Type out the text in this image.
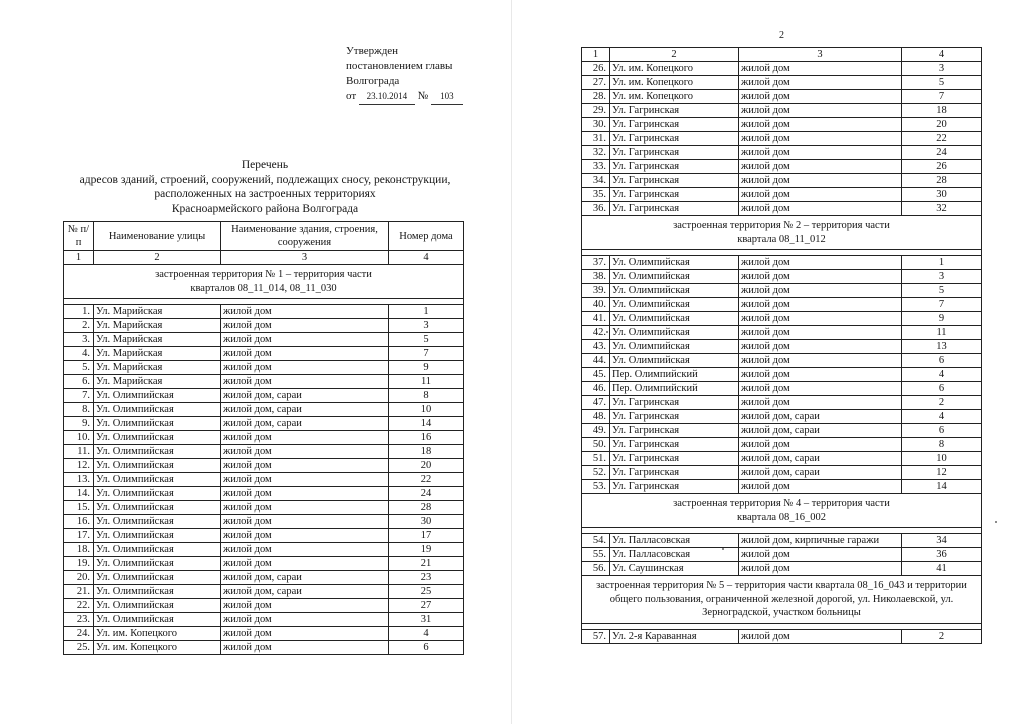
Утвержден
постановлением главы
Волгограда
от 23.10.2014 № 103
Перечень
адресов зданий, строений, сооружений, подлежащих сносу, реконструкции,
расположенных на застроенных территориях
Красноармейского района Волгограда
№ п/п	Наименование улицы	Наименование здания, строения, сооружения	Номер дома
1	2	3	4
застроенная территория № 1 – территория части кварталов 08_11_014, 08_11_030			

1.	Ул. Марийская	жилой дом	1
2.	Ул. Марийская	жилой дом	3
3.	Ул. Марийская	жилой дом	5
4.	Ул. Марийская	жилой дом	7
5.	Ул. Марийская	жилой дом	9
6.	Ул. Марийская	жилой дом	11
7.	Ул. Олимпийская	жилой дом, сараи	8
8.	Ул. Олимпийская	жилой дом, сараи	10
9.	Ул. Олимпийская	жилой дом, сараи	14
10.	Ул. Олимпийская	жилой дом	16
11.	Ул. Олимпийская	жилой дом	18
12.	Ул. Олимпийская	жилой дом	20
13.	Ул. Олимпийская	жилой дом	22
14.	Ул. Олимпийская	жилой дом	24
15.	Ул. Олимпийская	жилой дом	28
16.	Ул. Олимпийская	жилой дом	30
17.	Ул. Олимпийская	жилой дом	17
18.	Ул. Олимпийская	жилой дом	19
19.	Ул. Олимпийская	жилой дом	21
20.	Ул. Олимпийская	жилой дом, сараи	23
21.	Ул. Олимпийская	жилой дом, сараи	25
22.	Ул. Олимпийская	жилой дом	27
23.	Ул. Олимпийская	жилой дом	31
24.	Ул. им. Копецкого	жилой дом	4
25.	Ул. им. Копецкого	жилой дом	6
2
1	2	3	4
26.	Ул. им. Копецкого	жилой дом	3
27.	Ул. им. Копецкого	жилой дом	5
28.	Ул. им. Копецкого	жилой дом	7
29.	Ул. Гагринская	жилой дом	18
30.	Ул. Гагринская	жилой дом	20
31.	Ул. Гагринская	жилой дом	22
32.	Ул. Гагринская	жилой дом	24
33.	Ул. Гагринская	жилой дом	26
34.	Ул. Гагринская	жилой дом	28
35.	Ул. Гагринская	жилой дом	30
36.	Ул. Гагринская	жилой дом	32
застроенная территория № 2 – территория части квартала 08_11_012			

37.	Ул. Олимпийская	жилой дом	1
38.	Ул. Олимпийская	жилой дом	3
39.	Ул. Олимпийская	жилой дом	5
40.	Ул. Олимпийская	жилой дом	7
41.	Ул. Олимпийская	жилой дом	9
42.	Ул. Олимпийская	жилой дом	11
43.	Ул. Олимпийская	жилой дом	13
44.	Ул. Олимпийская	жилой дом	6
45.	Пер. Олимпийский	жилой дом	4
46.	Пер. Олимпийский	жилой дом	6
47.	Ул. Гагринская	жилой дом	2
48.	Ул. Гагринская	жилой дом, сараи	4
49.	Ул. Гагринская	жилой дом, сараи	6
50.	Ул. Гагринская	жилой дом	8
51.	Ул. Гагринская	жилой дом, сараи	10
52.	Ул. Гагринская	жилой дом, сараи	12
53.	Ул. Гагринская	жилой дом	14
застроенная территория № 4 – территория части квартала 08_16_002			

54.	Ул. Палласовская	жилой дом, кирпичные гаражи	34
55.	Ул. Палласовская	жилой дом	36
56.	Ул. Саушинская	жилой дом	41
застроенная территория № 5 – территория части квартала 08_16_043 и территории общего пользования, ограниченной железной дорогой, ул. Николаевской, ул. Зерноградской, участком больницы			

57.	Ул. 2-я Караванная	жилой дом	2
